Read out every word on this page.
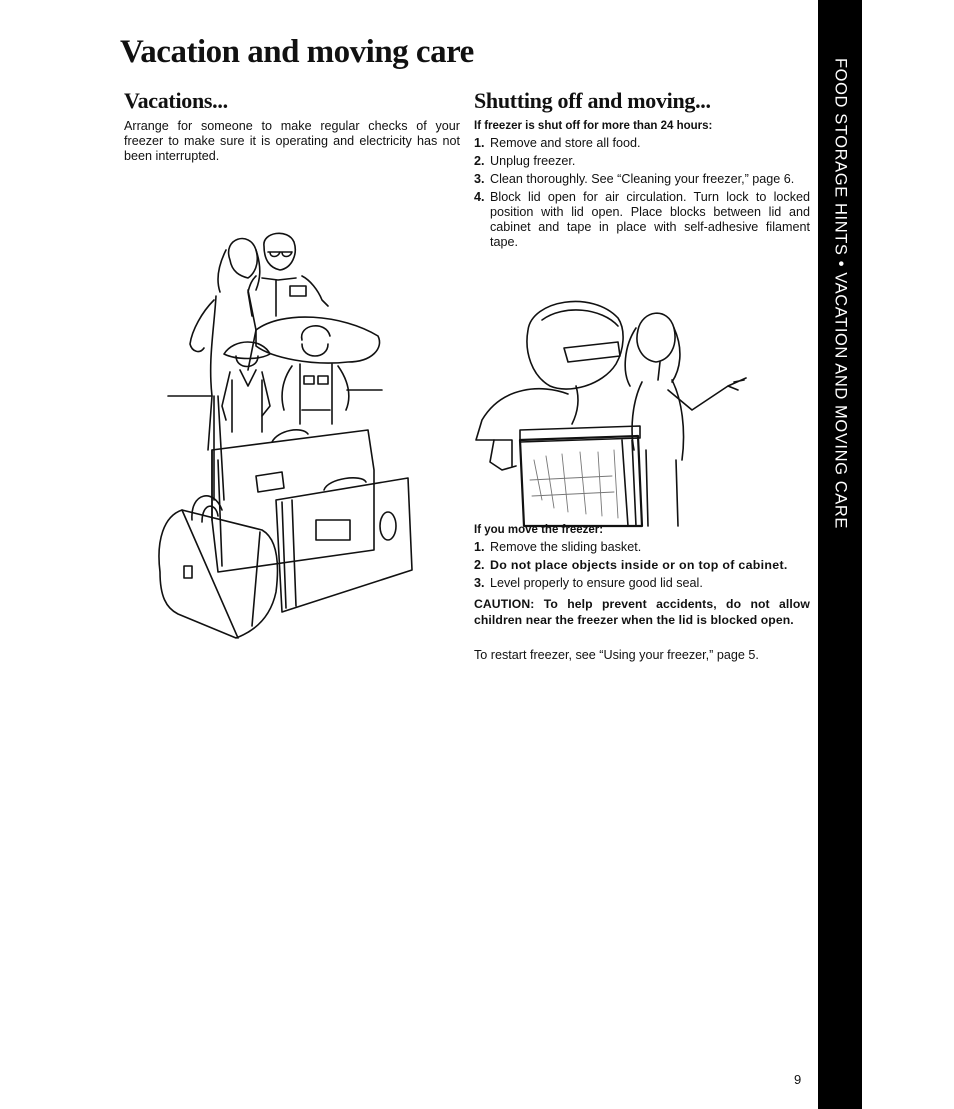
FOOD STORAGE HINTS • VACATION AND MOVING CARE
Vacation and moving care
Vacations...

Arrange for someone to make regular checks of your freezer to make sure it is operating and electricity has not been interrupted.

Shutting off and moving...
If freezer is shut off for more than 24 hours:
1. Remove and store all food.
2. Unplug freezer.
3. Clean thoroughly. See “Cleaning your freezer,” page 6.
4. Block lid open for air circulation. Turn lock to locked position with lid open. Place blocks between lid and cabinet and tape in place with self-adhesive filament tape.
If you move the freezer:
1. Remove the sliding basket.
2. Do not place objects inside or on top of cabinet.
3. Level properly to ensure good lid seal.

CAUTION: To help prevent accidents, do not allow children near the freezer when the lid is blocked open.

To restart freezer, see “Using your freezer,” page 5.

9
